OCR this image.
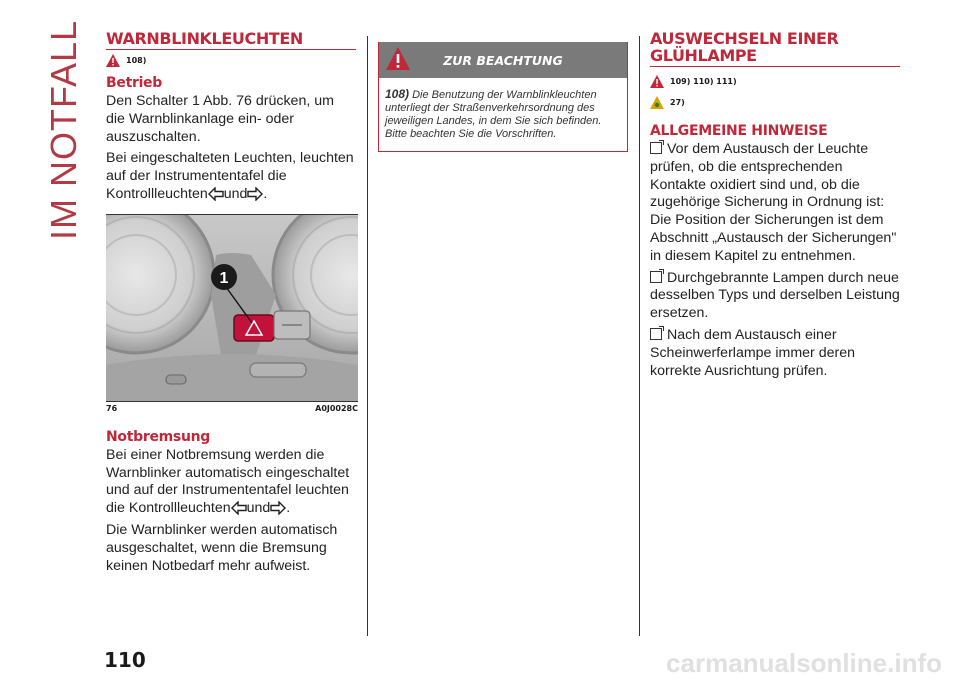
IM NOTFALL WARNBLINKLEUCHTEN
108)
Betrieb

Den Schalter 1 Abb. 76 drücken, um die Warnblinkanlage ein- oder auszuschalten.

Bei eingeschalteten Leuchten, leuchten auf der Instrumententafel die Kontrollleuchten und .

1
76	A0J0028C
Notbremsung

Bei einer Notbremsung werden die Warnblinker automatisch eingeschaltet und auf der Instrumententafel leuchten die Kontrollleuchten und .

Die Warnblinker werden automatisch ausgeschaltet, wenn die Bremsung keinen Notbedarf mehr aufweist.

ZUR BEACHTUNG
108) Die Benutzung der Warnblinkleuchten unterliegt der Straßenverkehrsordnung des jeweiligen Landes, in dem Sie sich befinden. Bitte beachten Sie die Vorschriften.
AUSWECHSELN EINER GLÜHLAMPE
109) 110) 111)
27)
ALLGEMEINE HINWEISE

Vor dem Austausch der Leuchte prüfen, ob die entsprechenden Kontakte oxidiert sind und, ob die zugehörige Sicherung in Ordnung ist: Die Position der Sicherungen ist dem Abschnitt „Austausch der Sicherungen" in diesem Kapitel zu entnehmen.

Durchgebrannte Lampen durch neue desselben Typs und derselben Leistung ersetzen.

Nach dem Austausch einer Scheinwerferlampe immer deren korrekte Ausrichtung prüfen.

110	carmanualsonline.info
